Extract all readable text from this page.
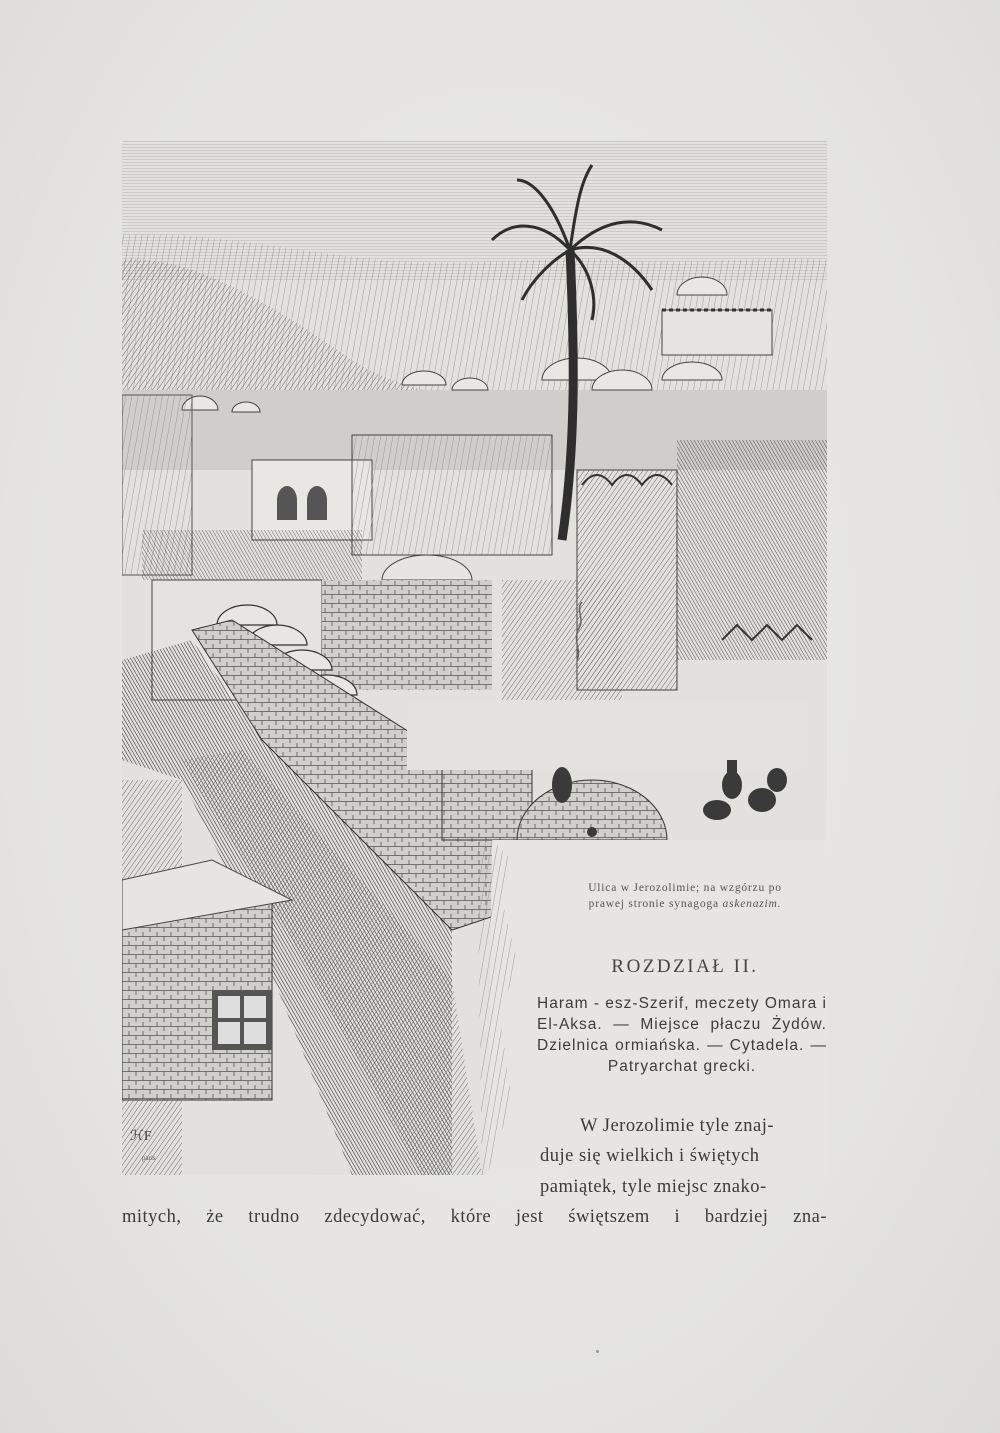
ℋF
paris
Ulica w Jerozolimie; na wzgórzu po
prawej stronie synagoga askenazim.
ROZDZIAŁ II.
Haram - esz-Szerif, meczety Omara i El-Aksa. — Miejsce płaczu Żydów. Dzielnica ormiańska. — Cytadela. — Patryarchat grecki.
W Jerozolimie tyle znaj-
duje się wielkich i świętych
pamiątek, tyle miejsc znako-
mitych, że trudno zdecydować, które jest świętszem i bardziej zna-
